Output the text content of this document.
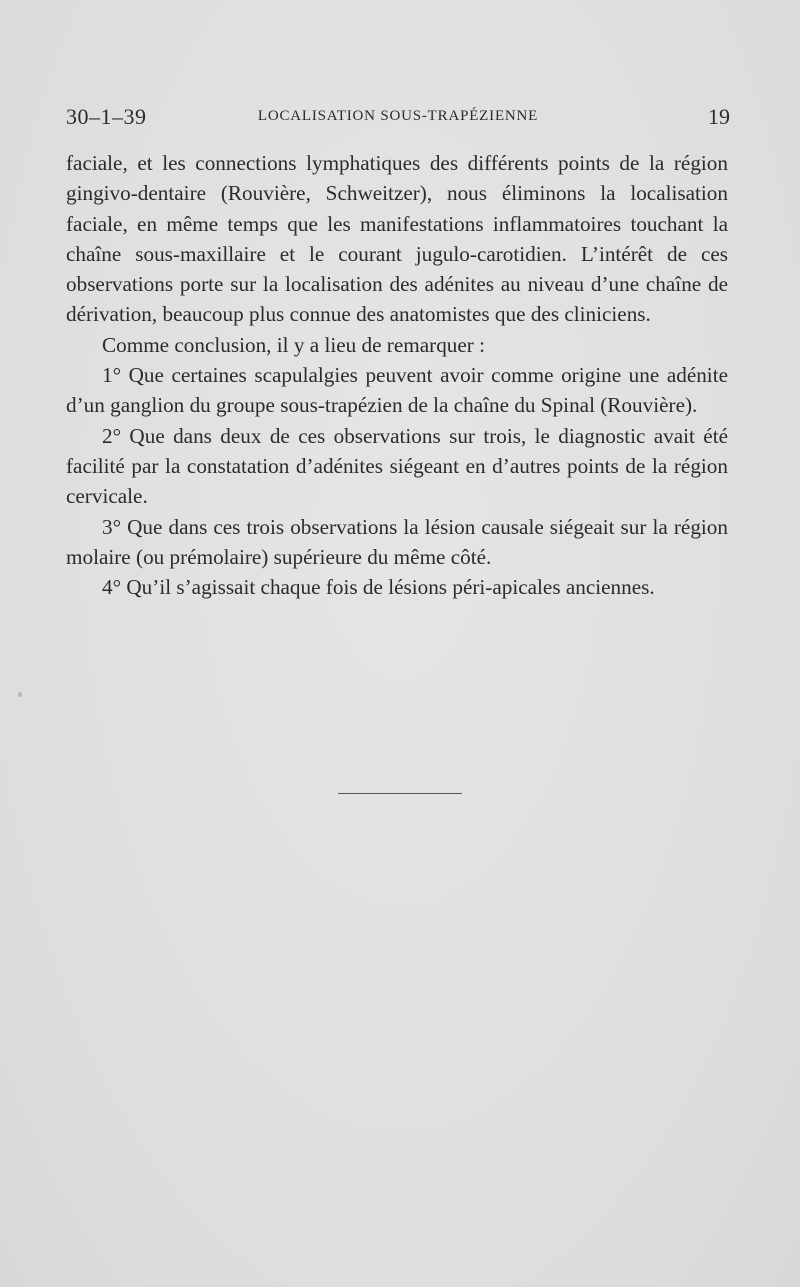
30–1–39	LOCALISATION SOUS-TRAPÉZIENNE	19

faciale, et les connections lymphatiques des différents points de la région gingivo-dentaire (Rouvière, Schweitzer), nous éliminons la localisation faciale, en même temps que les manifestations inflammatoires touchant la chaîne sous-maxillaire et le courant jugulo-carotidien. L’intérêt de ces observations porte sur la localisation des adénites au niveau d’une chaîne de dérivation, beaucoup plus connue des anatomistes que des cliniciens.

Comme conclusion, il y a lieu de remarquer :

1° Que certaines scapulalgies peuvent avoir comme origine une adénite d’un ganglion du groupe sous-trapézien de la chaîne du Spinal (Rouvière).

2° Que dans deux de ces observations sur trois, le diagnostic avait été facilité par la constatation d’adénites siégeant en d’autres points de la région cervicale.

3° Que dans ces trois observations la lésion causale siégeait sur la région molaire (ou prémolaire) supérieure du même côté.

4° Qu’il s’agissait chaque fois de lésions péri-apicales anciennes.
